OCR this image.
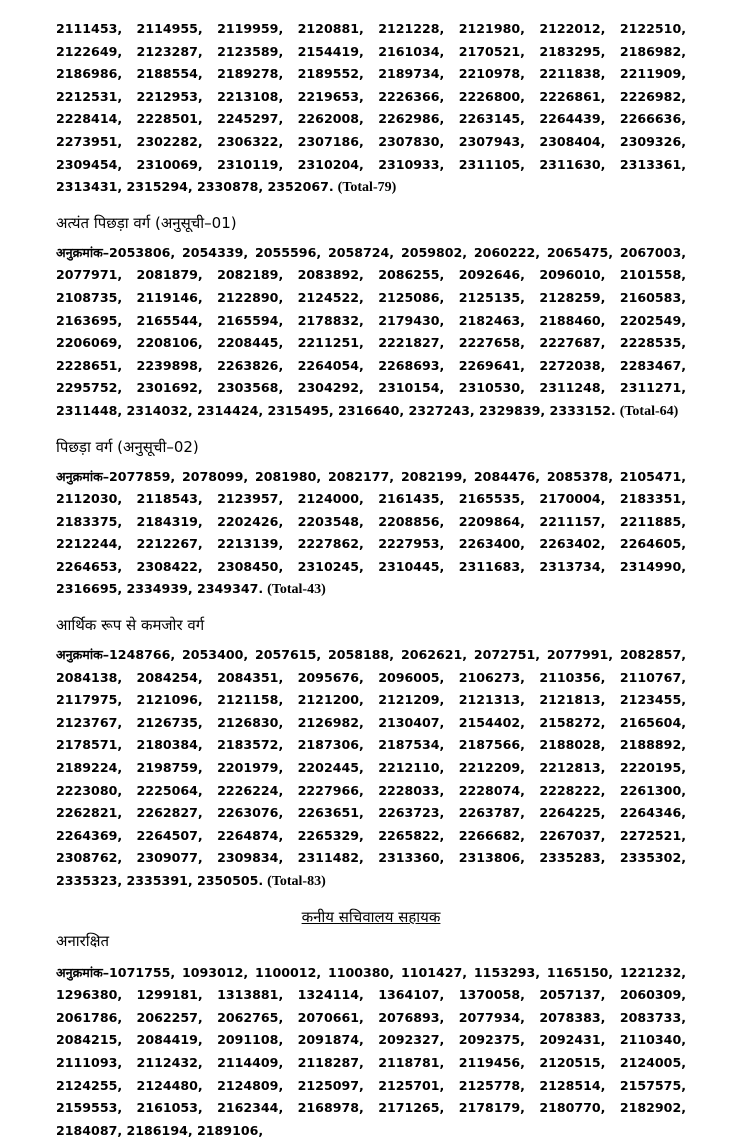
2111453, 2114955, 2119959, 2120881, 2121228, 2121980, 2122012, 2122510, 2122649, 2123287, 2123589, 2154419, 2161034, 2170521, 2183295, 2186982, 2186986, 2188554, 2189278, 2189552, 2189734, 2210978, 2211838, 2211909, 2212531, 2212953, 2213108, 2219653, 2226366, 2226800, 2226861, 2226982, 2228414, 2228501, 2245297, 2262008, 2262986, 2263145, 2264439, 2266636, 2273951, 2302282, 2306322, 2307186, 2307830, 2307943, 2308404, 2309326, 2309454, 2310069, 2310119, 2310204, 2310933, 2311105, 2311630, 2313361, 2313431, 2315294, 2330878, 2352067. (Total-79)

अत्यंत पिछड़ा वर्ग (अनुसूची–01)

अनुक्रमांक–2053806, 2054339, 2055596, 2058724, 2059802, 2060222, 2065475, 2067003, 2077971, 2081879, 2082189, 2083892, 2086255, 2092646, 2096010, 2101558, 2108735, 2119146, 2122890, 2124522, 2125086, 2125135, 2128259, 2160583, 2163695, 2165544, 2165594, 2178832, 2179430, 2182463, 2188460, 2202549, 2206069, 2208106, 2208445, 2211251, 2221827, 2227658, 2227687, 2228535, 2228651, 2239898, 2263826, 2264054, 2268693, 2269641, 2272038, 2283467, 2295752, 2301692, 2303568, 2304292, 2310154, 2310530, 2311248, 2311271, 2311448, 2314032, 2314424, 2315495, 2316640, 2327243, 2329839, 2333152. (Total-64)

पिछड़ा वर्ग (अनुसूची–02)

अनुक्रमांक–2077859, 2078099, 2081980, 2082177, 2082199, 2084476, 2085378, 2105471, 2112030, 2118543, 2123957, 2124000, 2161435, 2165535, 2170004, 2183351, 2183375, 2184319, 2202426, 2203548, 2208856, 2209864, 2211157, 2211885, 2212244, 2212267, 2213139, 2227862, 2227953, 2263400, 2263402, 2264605, 2264653, 2308422, 2308450, 2310245, 2310445, 2311683, 2313734, 2314990, 2316695, 2334939, 2349347. (Total-43)

आर्थिक रूप से कमजोर वर्ग

अनुक्रमांक–1248766, 2053400, 2057615, 2058188, 2062621, 2072751, 2077991, 2082857, 2084138, 2084254, 2084351, 2095676, 2096005, 2106273, 2110356, 2110767, 2117975, 2121096, 2121158, 2121200, 2121209, 2121313, 2121813, 2123455, 2123767, 2126735, 2126830, 2126982, 2130407, 2154402, 2158272, 2165604, 2178571, 2180384, 2183572, 2187306, 2187534, 2187566, 2188028, 2188892, 2189224, 2198759, 2201979, 2202445, 2212110, 2212209, 2212813, 2220195, 2223080, 2225064, 2226224, 2227966, 2228033, 2228074, 2228222, 2261300, 2262821, 2262827, 2263076, 2263651, 2263723, 2263787, 2264225, 2264346, 2264369, 2264507, 2264874, 2265329, 2265822, 2266682, 2267037, 2272521, 2308762, 2309077, 2309834, 2311482, 2313360, 2313806, 2335283, 2335302, 2335323, 2335391, 2350505. (Total-83)

कनीय सचिवालय सहायक
अनारक्षित

अनुक्रमांक–1071755, 1093012, 1100012, 1100380, 1101427, 1153293, 1165150, 1221232, 1296380, 1299181, 1313881, 1324114, 1364107, 1370058, 2057137, 2060309, 2061786, 2062257, 2062765, 2070661, 2076893, 2077934, 2078383, 2083733, 2084215, 2084419, 2091108, 2091874, 2092327, 2092375, 2092431, 2110340, 2111093, 2112432, 2114409, 2118287, 2118781, 2119456, 2120515, 2124005, 2124255, 2124480, 2124809, 2125097, 2125701, 2125778, 2128514, 2157575, 2159553, 2161053, 2162344, 2168978, 2171265, 2178179, 2180770, 2182902, 2184087, 2186194, 2189106,
